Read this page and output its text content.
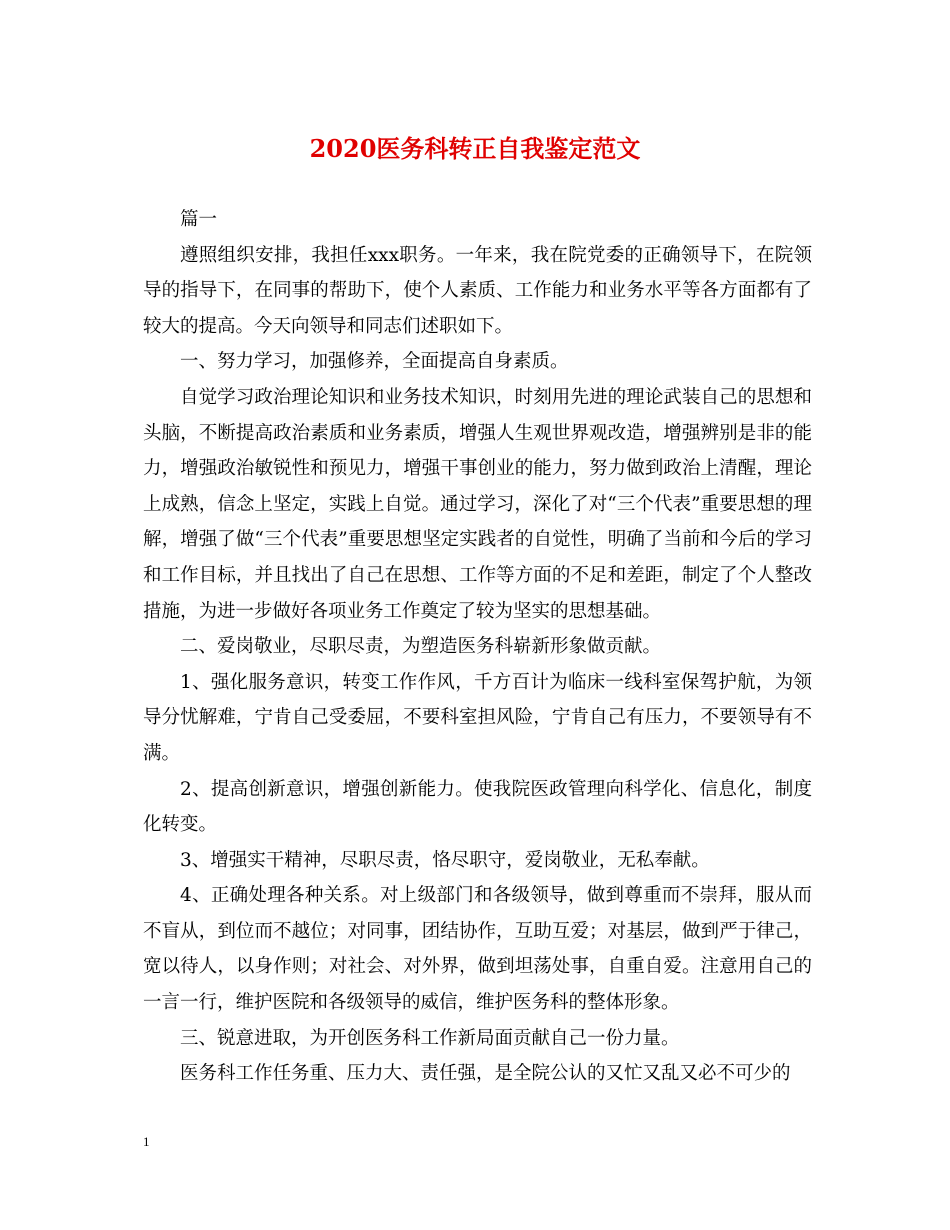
2020医务科转正自我鉴定范文

篇一

遵照组织安排，我担任xxx职务。一年来，我在院党委的正确领导下，在院领导的指导下，在同事的帮助下，使个人素质、工作能力和业务水平等各方面都有了较大的提高。今天向领导和同志们述职如下。

一、努力学习，加强修养，全面提高自身素质。

自觉学习政治理论知识和业务技术知识，时刻用先进的理论武装自己的思想和头脑，不断提高政治素质和业务素质，增强人生观世界观改造，增强辨别是非的能力，增强政治敏锐性和预见力，增强干事创业的能力，努力做到政治上清醒，理论上成熟，信念上坚定，实践上自觉。通过学习，深化了对“三个代表”重要思想的理解，增强了做“三个代表”重要思想坚定实践者的自觉性，明确了当前和今后的学习和工作目标，并且找出了自己在思想、工作等方面的不足和差距，制定了个人整改措施，为进一步做好各项业务工作奠定了较为坚实的思想基础。

二、爱岗敬业，尽职尽责，为塑造医务科崭新形象做贡献。

1、强化服务意识，转变工作作风，千方百计为临床一线科室保驾护航，为领导分忧解难，宁肯自己受委屈，不要科室担风险，宁肯自己有压力，不要领导有不满。

2、提高创新意识，增强创新能力。使我院医政管理向科学化、信息化，制度化转变。

3、增强实干精神，尽职尽责，恪尽职守，爱岗敬业，无私奉献。

4、正确处理各种关系。对上级部门和各级领导，做到尊重而不崇拜，服从而不盲从，到位而不越位；对同事，团结协作，互助互爱；对基层，做到严于律己，宽以待人，以身作则；对社会、对外界，做到坦荡处事，自重自爱。注意用自己的一言一行，维护医院和各级领导的威信，维护医务科的整体形象。

三、锐意进取，为开创医务科工作新局面贡献自己一份力量。

医务科工作任务重、压力大、责任强，是全院公认的又忙又乱又必不可少的

1
